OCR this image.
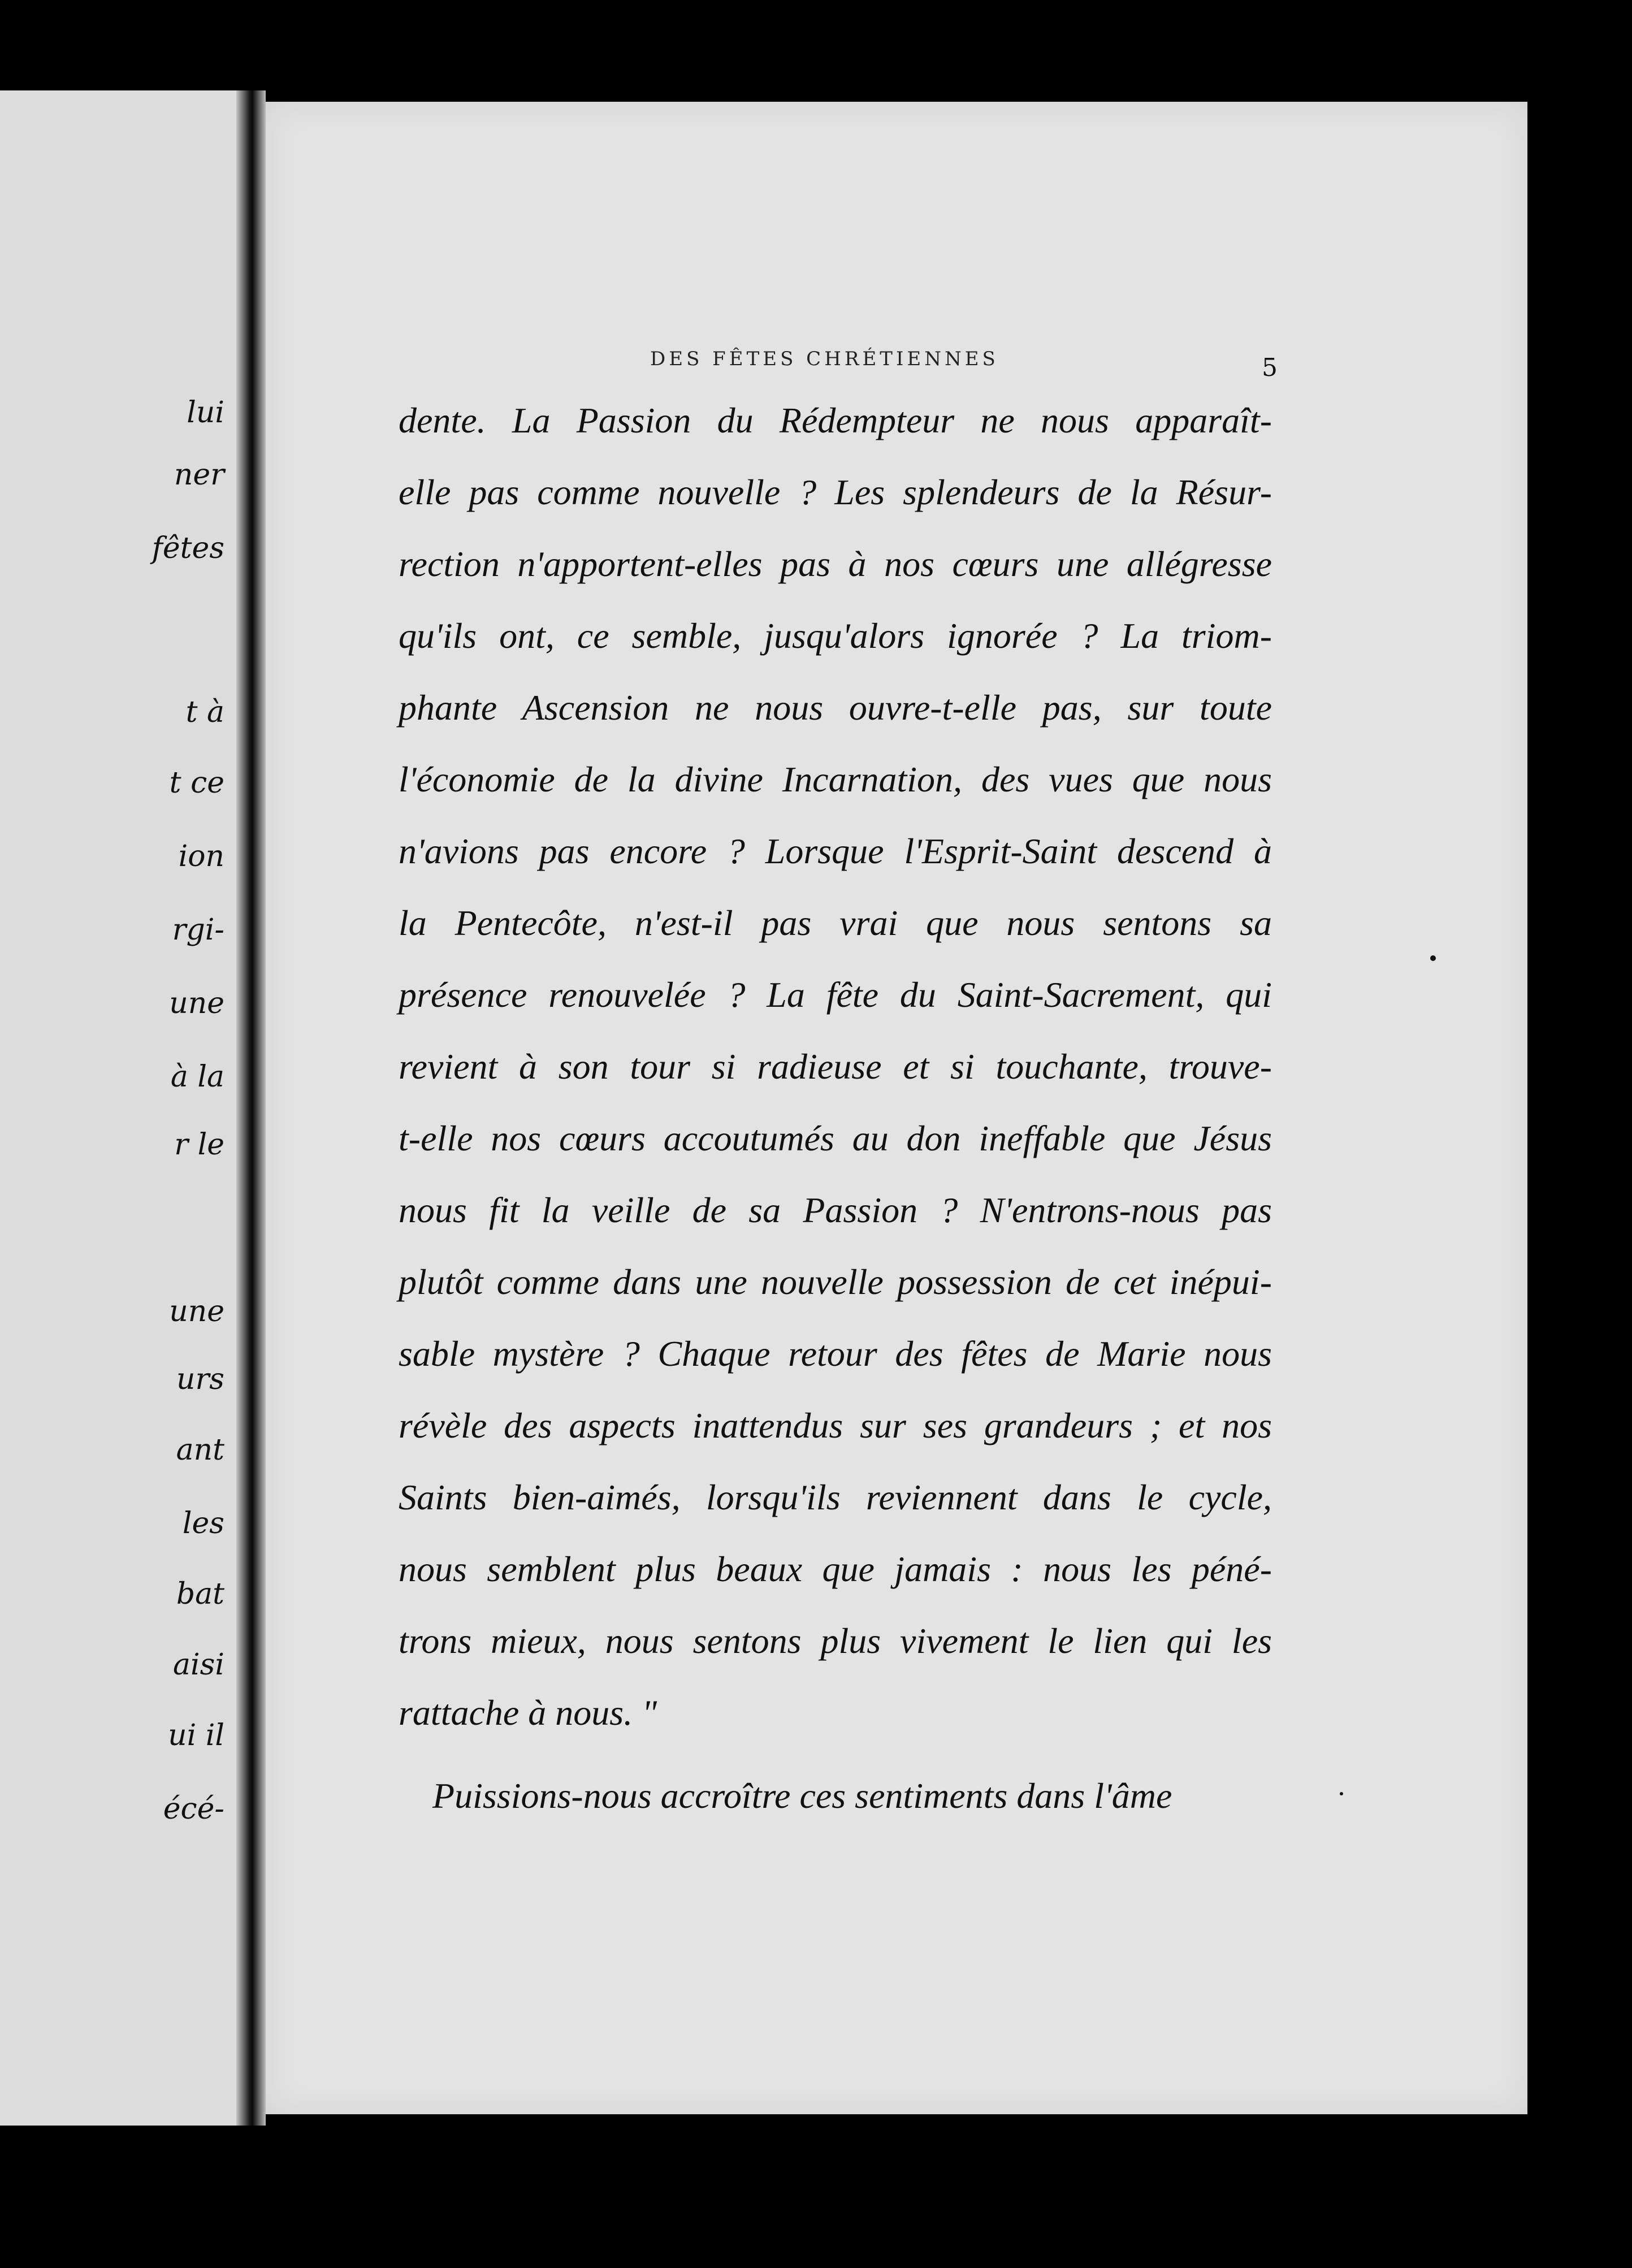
lui
ner
fêtes
t à
t ce
ion
rgi-
une
à la
r le
une
urs
ant
les
bat
aisi
ui il
écé-
DES FÊTES CHRÉTIENNES	5
dente. La Passion du Rédempteur ne nous apparaît-
elle pas comme nouvelle ? Les splendeurs de la Résur-
rection n'apportent-elles pas à nos cœurs une allégresse
qu'ils ont, ce semble, jusqu'alors ignorée ? La triom-
phante Ascension ne nous ouvre-t-elle pas, sur toute
l'économie de la divine Incarnation, des vues que nous
n'avions pas encore ? Lorsque l'Esprit-Saint descend à
la Pentecôte, n'est-il pas vrai que nous sentons sa
présence renouvelée ? La fête du Saint-Sacrement, qui
revient à son tour si radieuse et si touchante, trouve-
t-elle nos cœurs accoutumés au don ineffable que Jésus
nous fit la veille de sa Passion ? N'entrons-nous pas
plutôt comme dans une nouvelle possession de cet inépui-
sable mystère ? Chaque retour des fêtes de Marie nous
révèle des aspects inattendus sur ses grandeurs ; et nos
Saints bien-aimés, lorsqu'ils reviennent dans le cycle,
nous semblent plus beaux que jamais : nous les péné-
trons mieux, nous sentons plus vivement le lien qui les
rattache à nous. "
Puissions-nous accroître ces sentiments dans l'âme
